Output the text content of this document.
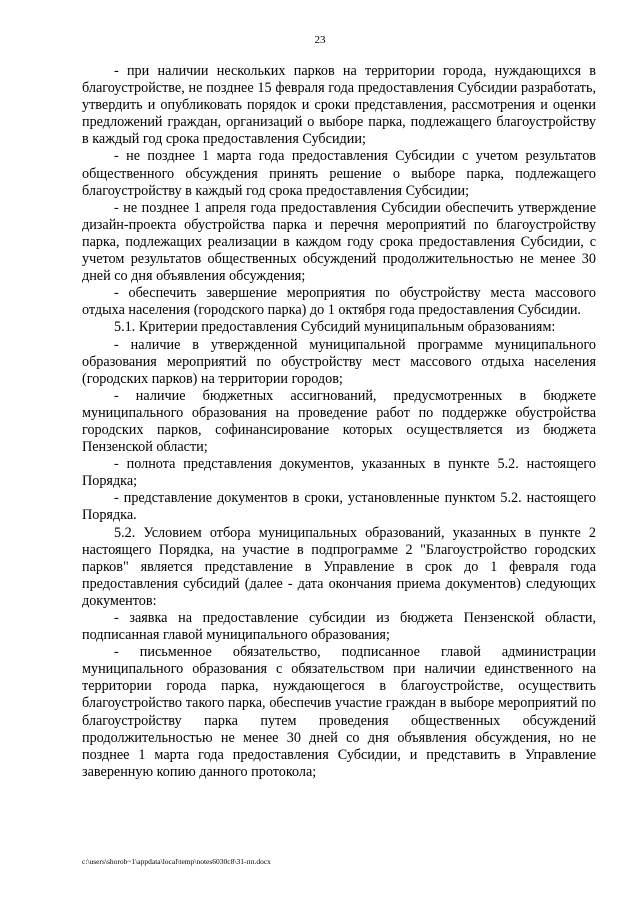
23

- при наличии нескольких парков на территории города, нуждающихся в благоустройстве, не позднее 15 февраля года предоставления Субсидии разработать, утвердить и опубликовать порядок и сроки представления, рассмотрения и оценки предложений граждан, организаций о выборе парка, подлежащего благоустройству в каждый год срока предоставления Субсидии;

- не позднее 1 марта года предоставления Субсидии с учетом результатов общественного обсуждения принять решение о выборе парка, подлежащего благоустройству в каждый год срока предоставления Субсидии;

- не позднее 1 апреля года предоставления Субсидии обеспечить утверждение дизайн-проекта обустройства парка и перечня мероприятий по благоустройству парка, подлежащих реализации в каждом году срока предоставления Субсидии, с учетом результатов общественных обсуждений продолжительностью не менее 30 дней со дня объявления обсуждения;

- обеспечить завершение мероприятия по обустройству места массового отдыха населения (городского парка) до 1 октября года предоставления Субсидии.

5.1. Критерии предоставления Субсидий муниципальным образованиям:

- наличие в утвержденной муниципальной программе муниципального образования мероприятий по обустройству мест массового отдыха населения (городских парков) на территории городов;

- наличие бюджетных ассигнований, предусмотренных в бюджете муниципального образования на проведение работ по поддержке обустройства городских парков, софинансирование которых осуществляется из бюджета Пензенской области;

- полнота представления документов, указанных в пункте 5.2. настоящего Порядка;

- представление документов в сроки, установленные пунктом 5.2. настоящего Порядка.

5.2. Условием отбора муниципальных образований, указанных в пункте 2 настоящего Порядка, на участие в подпрограмме 2 "Благоустройство городских парков" является представление в Управление в срок до 1 февраля года предоставления субсидий (далее - дата окончания приема документов) следующих документов:

- заявка на предоставление субсидии из бюджета Пензенской области, подписанная главой муниципального образования;

- письменное обязательство, подписанное главой администрации муниципального образования с обязательством при наличии единственного на территории города парка, нуждающегося в благоустройстве, осуществить благоустройство такого парка, обеспечив участие граждан в выборе мероприятий по благоустройству парка путем проведения общественных обсуждений продолжительностью не менее 30 дней со дня объявления обсуждения, но не позднее 1 марта года предоставления Субсидии, и представить в Управление заверенную копию данного протокола;

c:\users\shorob~1\appdata\local\temp\notes6030c8\31-пп.docx
